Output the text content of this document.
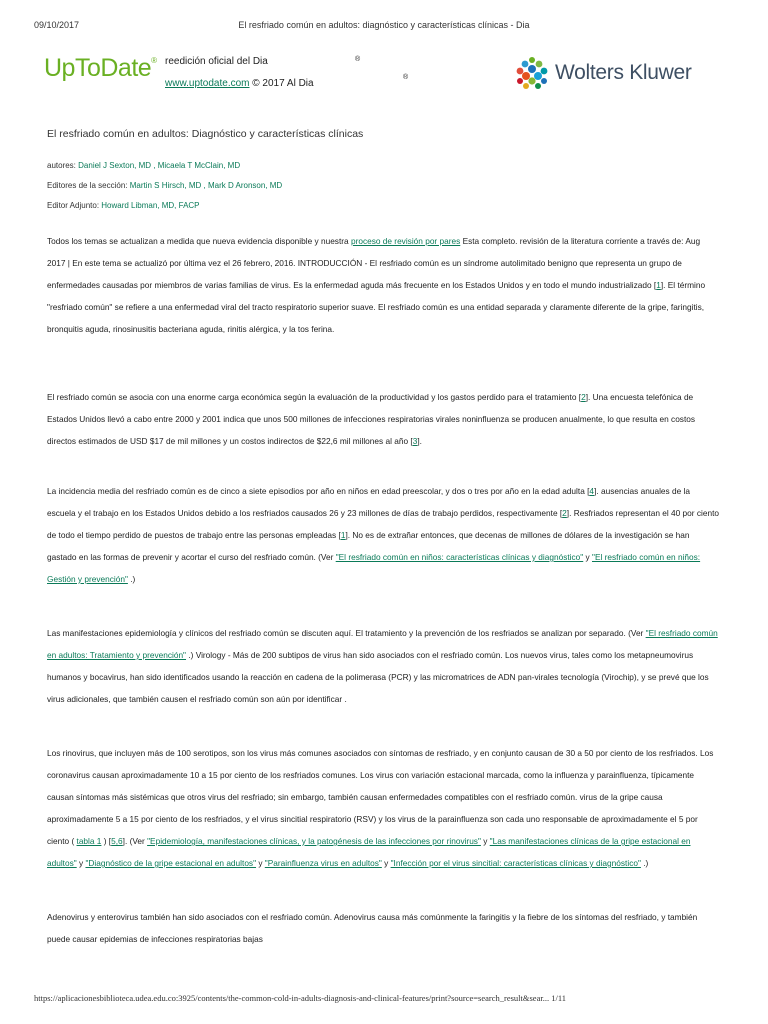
09/10/2017	El resfriado común en adultos: diagnóstico y características clínicas - Dia
UpToDate® reedición oficial del Dia	®
®
www.uptodate.com © 2017 Al Dia	Wolters Kluwer
El resfriado común en adultos: Diagnóstico y características clínicas
autores: Daniel J Sexton, MD , Micaela T McClain, MD
Editores de la sección: Martin S Hirsch, MD , Mark D Aronson, MD
Editor Adjunto: Howard Libman, MD, FACP

Todos los temas se actualizan a medida que nueva evidencia disponible y nuestra proceso de revisión por pares Esta completo. revisión de la literatura corriente a través de: Aug 2017 | En este tema se actualizó por última vez el 26 febrero, 2016. INTRODUCCIÓN - El resfriado común es un síndrome autolimitado benigno que representa un grupo de enfermedades causadas por miembros de varias familias de virus. Es la enfermedad aguda más frecuente en los Estados Unidos y en todo el mundo industrializado [1]. El término "resfriado común" se refiere a una enfermedad viral del tracto respiratorio superior suave. El resfriado común es una entidad separada y claramente diferente de la gripe, faringitis, bronquitis aguda, rinosinusitis bacteriana aguda, rinitis alérgica, y la tos ferina.

El resfriado común se asocia con una enorme carga económica según la evaluación de la productividad y los gastos perdido para el tratamiento [2]. Una encuesta telefónica de Estados Unidos llevó a cabo entre 2000 y 2001 indica que unos 500 millones de infecciones respiratorias virales noninfluenza se producen anualmente, lo que resulta en costos directos estimados de USD $17 de mil millones y un costos indirectos de $22,6 mil millones al año [3].

La incidencia media del resfriado común es de cinco a siete episodios por año en niños en edad preescolar, y dos o tres por año en la edad adulta [4]. ausencias anuales de la escuela y el trabajo en los Estados Unidos debido a los resfriados causados 26 y 23 millones de días de trabajo perdidos, respectivamente [2]. Resfriados representan el 40 por ciento de todo el tiempo perdido de puestos de trabajo entre las personas empleadas [1]. No es de extrañar entonces, que decenas de millones de dólares de la investigación se han gastado en las formas de prevenir y acortar el curso del resfriado común. (Ver "El resfriado común en niños: características clínicas y diagnóstico" y "El resfriado común en niños: Gestión y prevención" .)

Las manifestaciones epidemiología y clínicos del resfriado común se discuten aquí. El tratamiento y la prevención de los resfriados se analizan por separado. (Ver "El resfriado común en adultos: Tratamiento y prevención" .) Virology - Más de 200 subtipos de virus han sido asociados con el resfriado común. Los nuevos virus, tales como los metapneumovirus humanos y bocavirus, han sido identificados usando la reacción en cadena de la polimerasa (PCR) y las micromatrices de ADN pan-virales tecnología (Virochip), y se prevé que los virus adicionales, que también causen el resfriado común son aún por identificar .

Los rinovirus, que incluyen más de 100 serotipos, son los virus más comunes asociados con síntomas de resfriado, y en conjunto causan de 30 a 50 por ciento de los resfriados. Los coronavirus causan aproximadamente 10 a 15 por ciento de los resfriados comunes. Los virus con variación estacional marcada, como la influenza y parainfluenza, típicamente causan síntomas más sistémicas que otros virus del resfriado; sin embargo, también causan enfermedades compatibles con el resfriado común. virus de la gripe causa aproximadamente 5 a 15 por ciento de los resfriados, y el virus sincitial respiratorio (RSV) y los virus de la parainfluenza son cada uno responsable de aproximadamente el 5 por ciento ( tabla 1 ) [5,6]. (Ver "Epidemiología, manifestaciones clínicas, y la patogénesis de las infecciones por rinovirus" y "Las manifestaciones clínicas de la gripe estacional en adultos" y "Diagnóstico de la gripe estacional en adultos" y "Parainfluenza virus en adultos" y "Infección por el virus sincitial: características clínicas y diagnóstico" .)

Adenovirus y enterovirus también han sido asociados con el resfriado común. Adenovirus causa más comúnmente la faringitis y la fiebre de los síntomas del resfriado, y también puede causar epidemias de infecciones respiratorias bajas

https://aplicacionesbiblioteca.udea.edu.co:3925/contents/the-common-cold-in-adults-diagnosis-and-clinical-features/print?source=search_result&sear... 1/11
